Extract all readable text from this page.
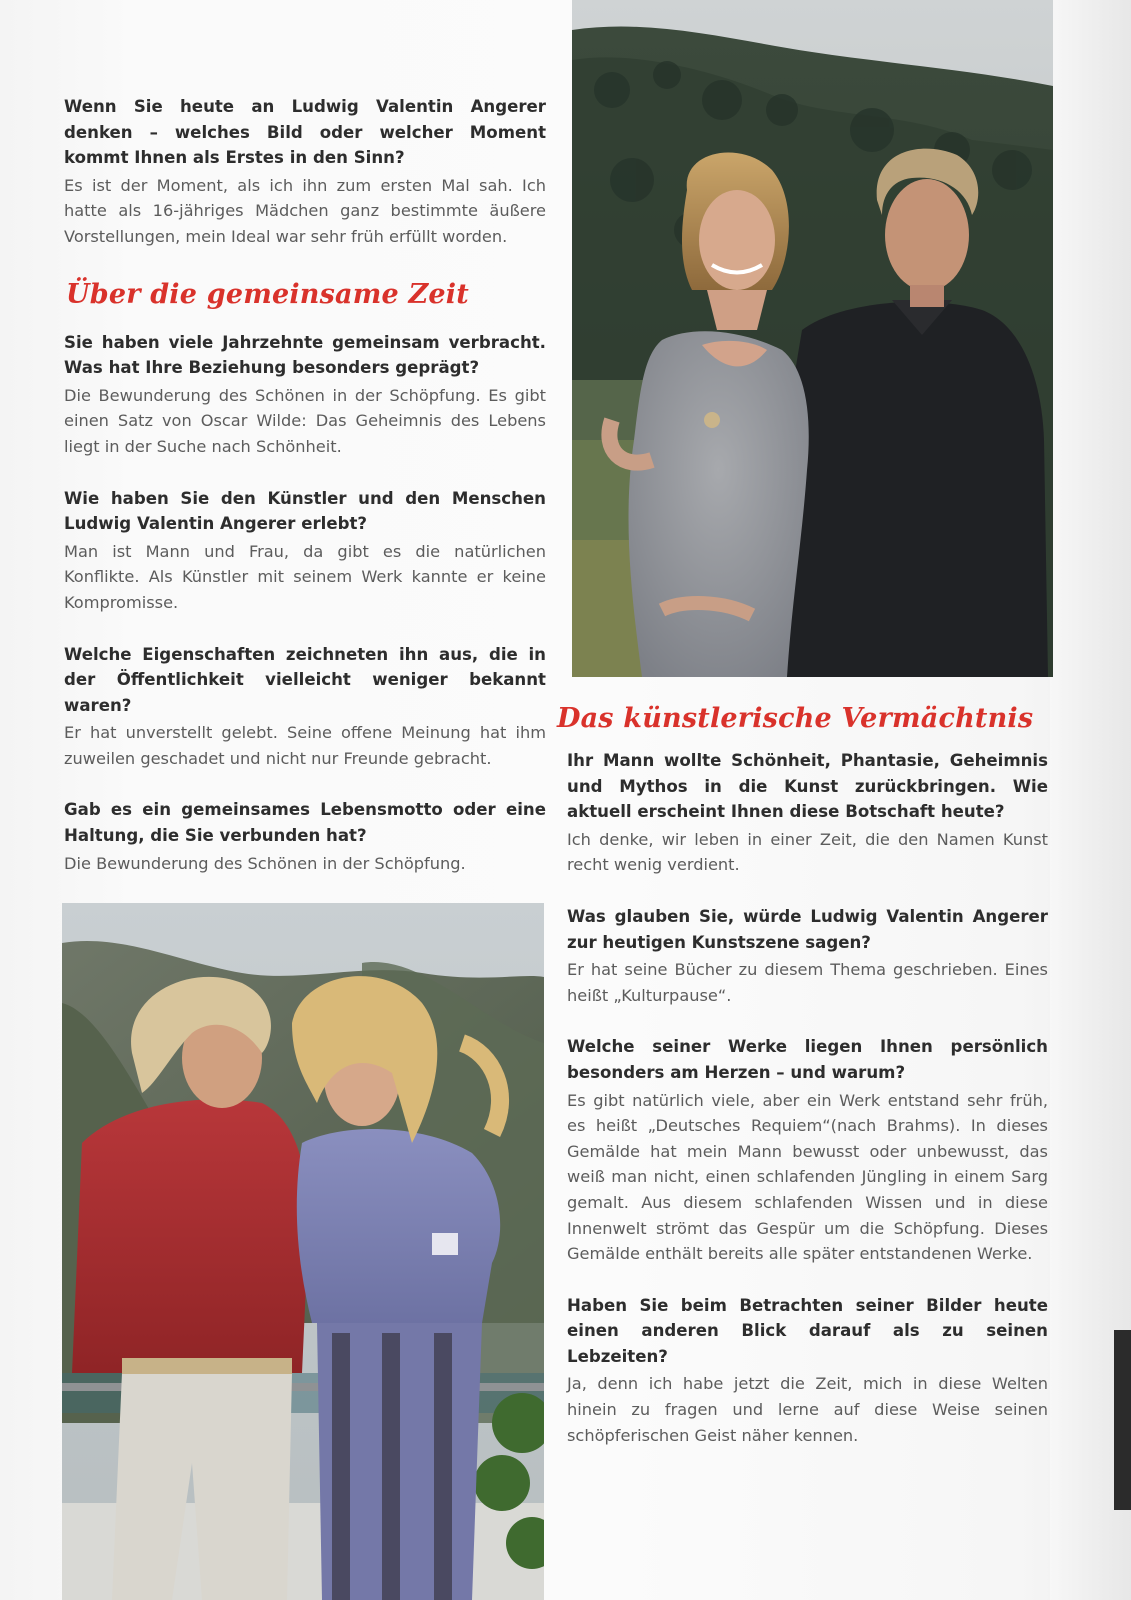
Wenn Sie heute an Ludwig Valentin Angerer denken – welches Bild oder welcher Moment kommt Ihnen als Erstes in den Sinn?

Es ist der Moment, als ich ihn zum ersten Mal sah. Ich hatte als 16-jähriges Mädchen ganz bestimmte äußere Vorstellungen, mein Ideal war sehr früh erfüllt worden.

Über die gemeinsame Zeit

Sie haben viele Jahrzehnte gemeinsam verbracht. Was hat Ihre Beziehung besonders geprägt?

Die Bewunderung des Schönen in der Schöpfung. Es gibt einen Satz von Oscar Wilde: Das Geheimnis des Lebens liegt in der Suche nach Schönheit.

Wie haben Sie den Künstler und den Menschen Ludwig Valentin Angerer erlebt?

Man ist Mann und Frau, da gibt es die natürlichen Konflikte. Als Künstler mit seinem Werk kannte er keine Kompromisse.

Welche Eigenschaften zeichneten ihn aus, die in der Öffentlichkeit vielleicht weniger bekannt waren?

Er hat unverstellt gelebt. Seine offene Meinung hat ihm zuweilen geschadet und nicht nur Freunde gebracht.

Gab es ein gemeinsames Lebensmotto oder eine Haltung, die Sie verbunden hat?

Die Bewunderung des Schönen in der Schöpfung.

Das künstlerische Vermächtnis

Ihr Mann wollte Schönheit, Phantasie, Geheimnis und Mythos in die Kunst zurückbringen. Wie aktuell erscheint Ihnen diese Botschaft heute?

Ich denke, wir leben in einer Zeit, die den Namen Kunst recht wenig verdient.

Was glauben Sie, würde Ludwig Valentin Angerer zur heutigen Kunstszene sagen?

Er hat seine Bücher zu diesem Thema geschrieben. Eines heißt „Kulturpause“.

Welche seiner Werke liegen Ihnen persönlich besonders am Herzen – und warum?

Es gibt natürlich viele, aber ein Werk entstand sehr früh, es heißt „Deutsches Requiem“(nach Brahms). In dieses Gemälde hat mein Mann bewusst oder unbewusst, das weiß man nicht, einen schlafenden Jüngling in einem Sarg gemalt. Aus diesem schlafenden Wissen und in diese Innenwelt strömt das Gespür um die Schöpfung. Dieses Gemälde enthält bereits alle später entstandenen Werke.

Haben Sie beim Betrachten seiner Bilder heute einen anderen Blick darauf als zu seinen Lebzeiten?

Ja, denn ich habe jetzt die Zeit, mich in diese Welten hinein zu fragen und lerne auf diese Weise seinen schöpferischen Geist näher kennen.
